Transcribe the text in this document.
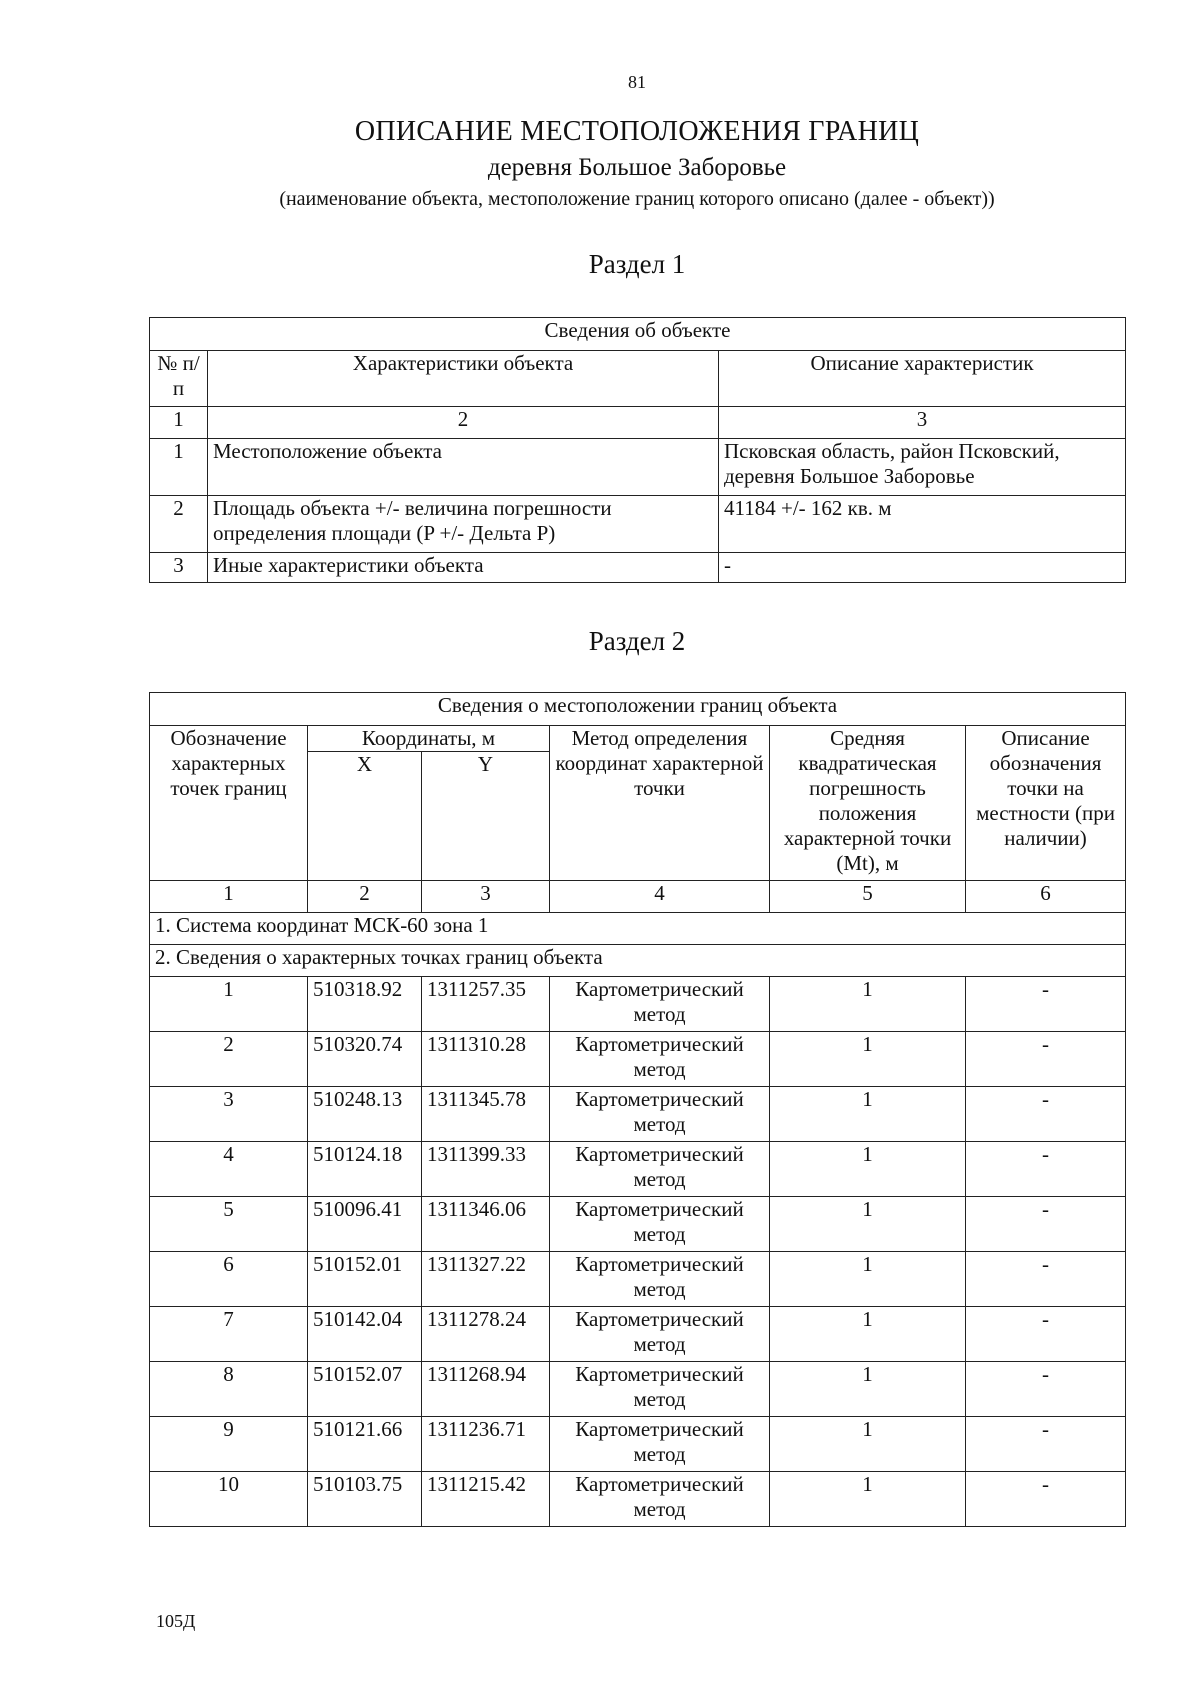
81
ОПИСАНИЕ МЕСТОПОЛОЖЕНИЯ ГРАНИЦ
деревня Большое Заборовье
(наименование объекта, местоположение границ которого описано (далее - объект))
Раздел 1
Сведения об объекте		
№ п/п	Характеристики объекта	Описание характеристик
1	2	3
1	Местоположение объекта	Псковская область, район Псковский, деревня Большое Заборовье
2	Площадь объекта +/- величина погрешности определения площади (P +/- Дельта P)	41184 +/- 162 кв. м
3	Иные характеристики объекта	-
Раздел 2
Сведения о местоположении границ объекта					
Обозначение характерных точек границ	Координаты, м		Метод определения координат характерной точки	Средняя квадратическая погрешность положения характерной точки (Mt), м	Описание обозначения точки на местности (при наличии)
	X	Y			
1	2	3	4	5	6
1. Система координат МСК-60 зона 1					
2. Сведения о характерных точках границ объекта					
1	510318.92	1311257.35	Картометрический метод	1	-
2	510320.74	1311310.28	Картометрический метод	1	-
3	510248.13	1311345.78	Картометрический метод	1	-
4	510124.18	1311399.33	Картометрический метод	1	-
5	510096.41	1311346.06	Картометрический метод	1	-
6	510152.01	1311327.22	Картометрический метод	1	-
7	510142.04	1311278.24	Картометрический метод	1	-
8	510152.07	1311268.94	Картометрический метод	1	-
9	510121.66	1311236.71	Картометрический метод	1	-
10	510103.75	1311215.42	Картометрический метод	1	-
105Д
